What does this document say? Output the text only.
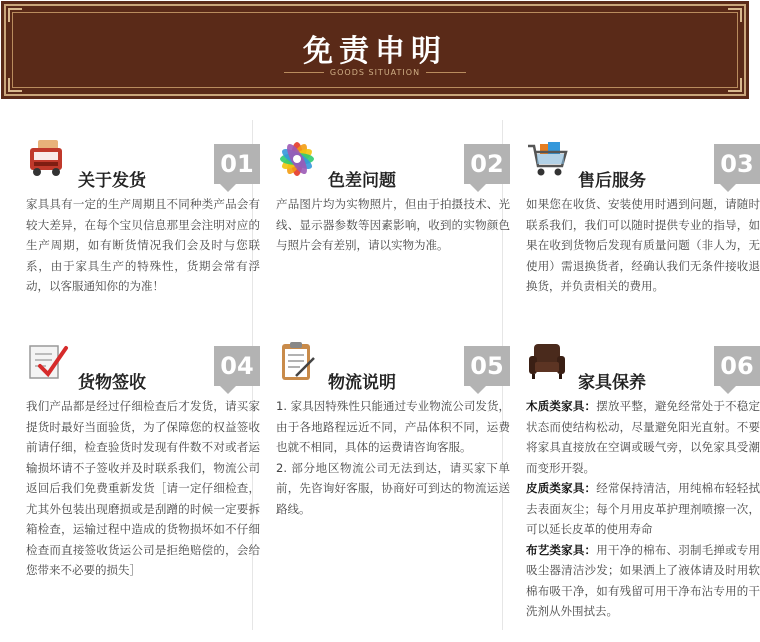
免责申明
GOODS SITUATION
关于发货
01

家具具有一定的生产周期且不同种类产品会有较大差异，在每个宝贝信息那里会注明对应的生产周期，如有断货情况我们会及时与您联系，由于家具生产的特殊性，货期会常有浮动，以客服通知你的为准！

色差问题
02

产品图片均为实物照片，但由于拍摄技术、光线、显示器参数等因素影响，收到的实物颜色与照片会有差别，请以实物为准。

售后服务
03

如果您在收货、安装使用时遇到问题，请随时联系我们，我们可以随时提供专业的指导，如果在收到货物后发现有质量问题（非人为，无使用）需退换货者，经确认我们无条件接收退换货，并负责相关的费用。

货物签收
04

我们产品都是经过仔细检查后才发货，请买家提货时最好当面验货，为了保障您的权益签收前请仔细，检查验货时发现有件数不对或者运输损坏请不子签收并及时联系我们，物流公司返回后我们免费重新发货［请一定仔细检查，尤其外包装出现磨损或是刮蹭的时候一定要拆箱检查，运输过程中造成的货物损坏如不仔细检查而直接签收货运公司是拒绝赔偿的，会给您带来不必要的损失］

物流说明
05

1. 家具因特殊性只能通过专业物流公司发货，由于各地路程远近不同，产品体积不同，运费也就不相同，具体的运费请咨询客服。

2. 部分地区物流公司无法到达，请买家下单前，先咨询好客服，协商好可到达的物流运送路线。

家具保养
06

木质类家具：摆放平整，避免经常处于不稳定状态而使结构松动，尽量避免阳光直射。不要将家具直接放在空调或暖气旁，以免家具受潮而变形开裂。

皮质类家具：经常保持清洁，用纯棉布轻轻拭去表面灰尘；每个月用皮革护理剂喷擦一次，可以延长皮革的使用寿命

布艺类家具：用干净的棉布、羽制毛掸或专用吸尘器清洁沙发；如果洒上了液体请及时用软棉布吸干净，如有残留可用干净布沾专用的干洗剂从外围拭去。
